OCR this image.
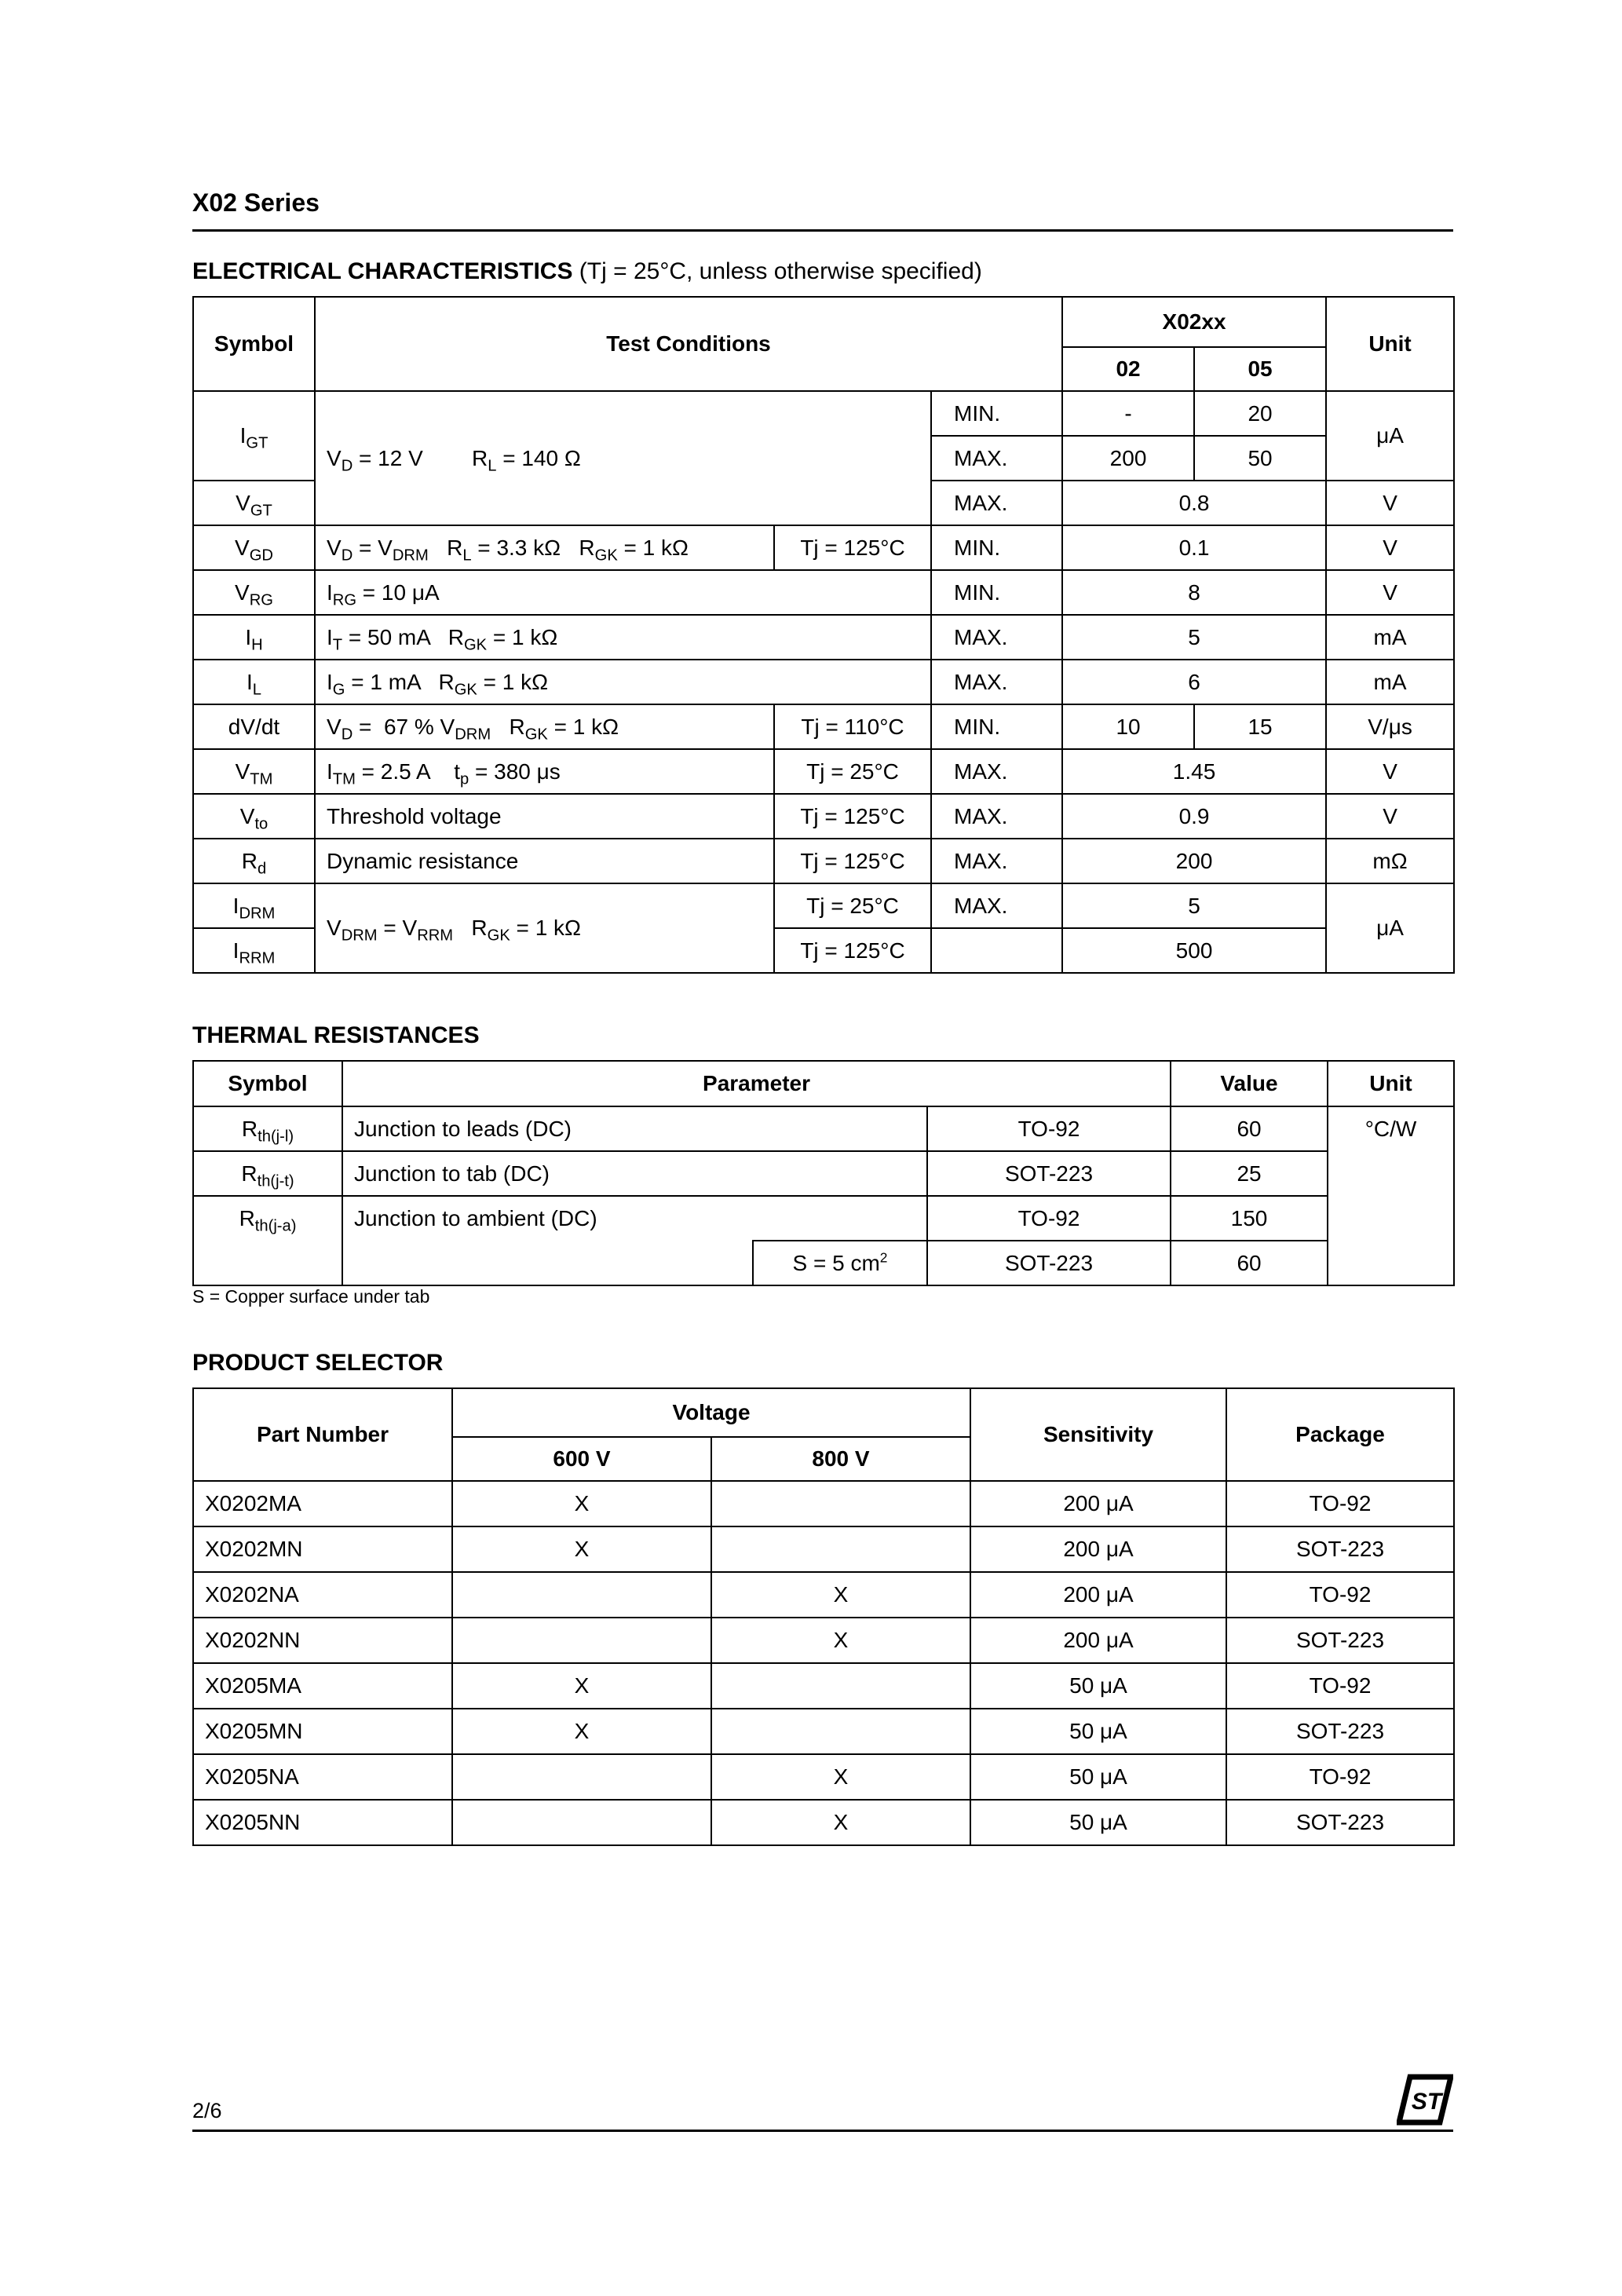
X02 Series
ELECTRICAL CHARACTERISTICS (Tj = 25°C, unless otherwise specified)
Symbol	Test Conditions			X02xx		Unit
				02	05	
$I_{GT}$	$V_D = 12$ V        $R_L = 140$ Ω		MIN.	-	20	μA
			MAX.	200	50	
$V_{GT}$			MAX.	0.8		V
$V_{GD}$	$V_D = V_{DRM}$   $R_L = 3.3$ kΩ   $R_{GK} = 1$ kΩ	Tj = 125°C	MIN.	0.1		V
$V_{RG}$	$I_{RG} = 10$ μA		MIN.	8		V
$I_H$	$I_T = 50$ mA   $R_{GK} = 1$ kΩ		MAX.	5		mA
$I_L$	$I_G = 1$ mA   $R_{GK} = 1$ kΩ		MAX.	6		mA
dV/dt	$V_D = 67$ % $V_{DRM}$   $R_{GK} = 1$ kΩ	Tj = 110°C	MIN.	10	15	V/μs
$V_{TM}$	$I_{TM} = 2.5$ A    $t_p = 380$ μs	Tj = 25°C	MAX.	1.45		V
$V_{to}$	Threshold voltage	Tj = 125°C	MAX.	0.9		V
$R_d$	Dynamic resistance	Tj = 125°C	MAX.	200		mΩ
$I_{DRM}$	$V_{DRM} = V_{RRM}$   $R_{GK} = 1$ kΩ	Tj = 25°C	MAX.	5		μA
$I_{RRM}$		Tj = 125°C		500		
THERMAL RESISTANCES
Symbol	Parameter			Value	Unit
$R_{th(j-l)}$	Junction to leads (DC)		TO-92	60	°C/W
$R_{th(j-t)}$	Junction to tab (DC)		SOT-223	25	
$R_{th(j-a)}$	Junction to ambient (DC)		TO-92	150	
		S = 5 $cm^2$	SOT-223	60	

S = Copper surface under tab

PRODUCT SELECTOR
Part Number	Voltage		Sensitivity	Package
	600 V	800 V		
X0202MA	X		200 μA	TO-92
X0202MN	X		200 μA	SOT-223
X0202NA		X	200 μA	TO-92
X0202NN		X	200 μA	SOT-223
X0205MA	X		50 μA	TO-92
X0205MN	X		50 μA	SOT-223
X0205NA		X	50 μA	TO-92
X0205NN		X	50 μA	SOT-223
2/6	ST
